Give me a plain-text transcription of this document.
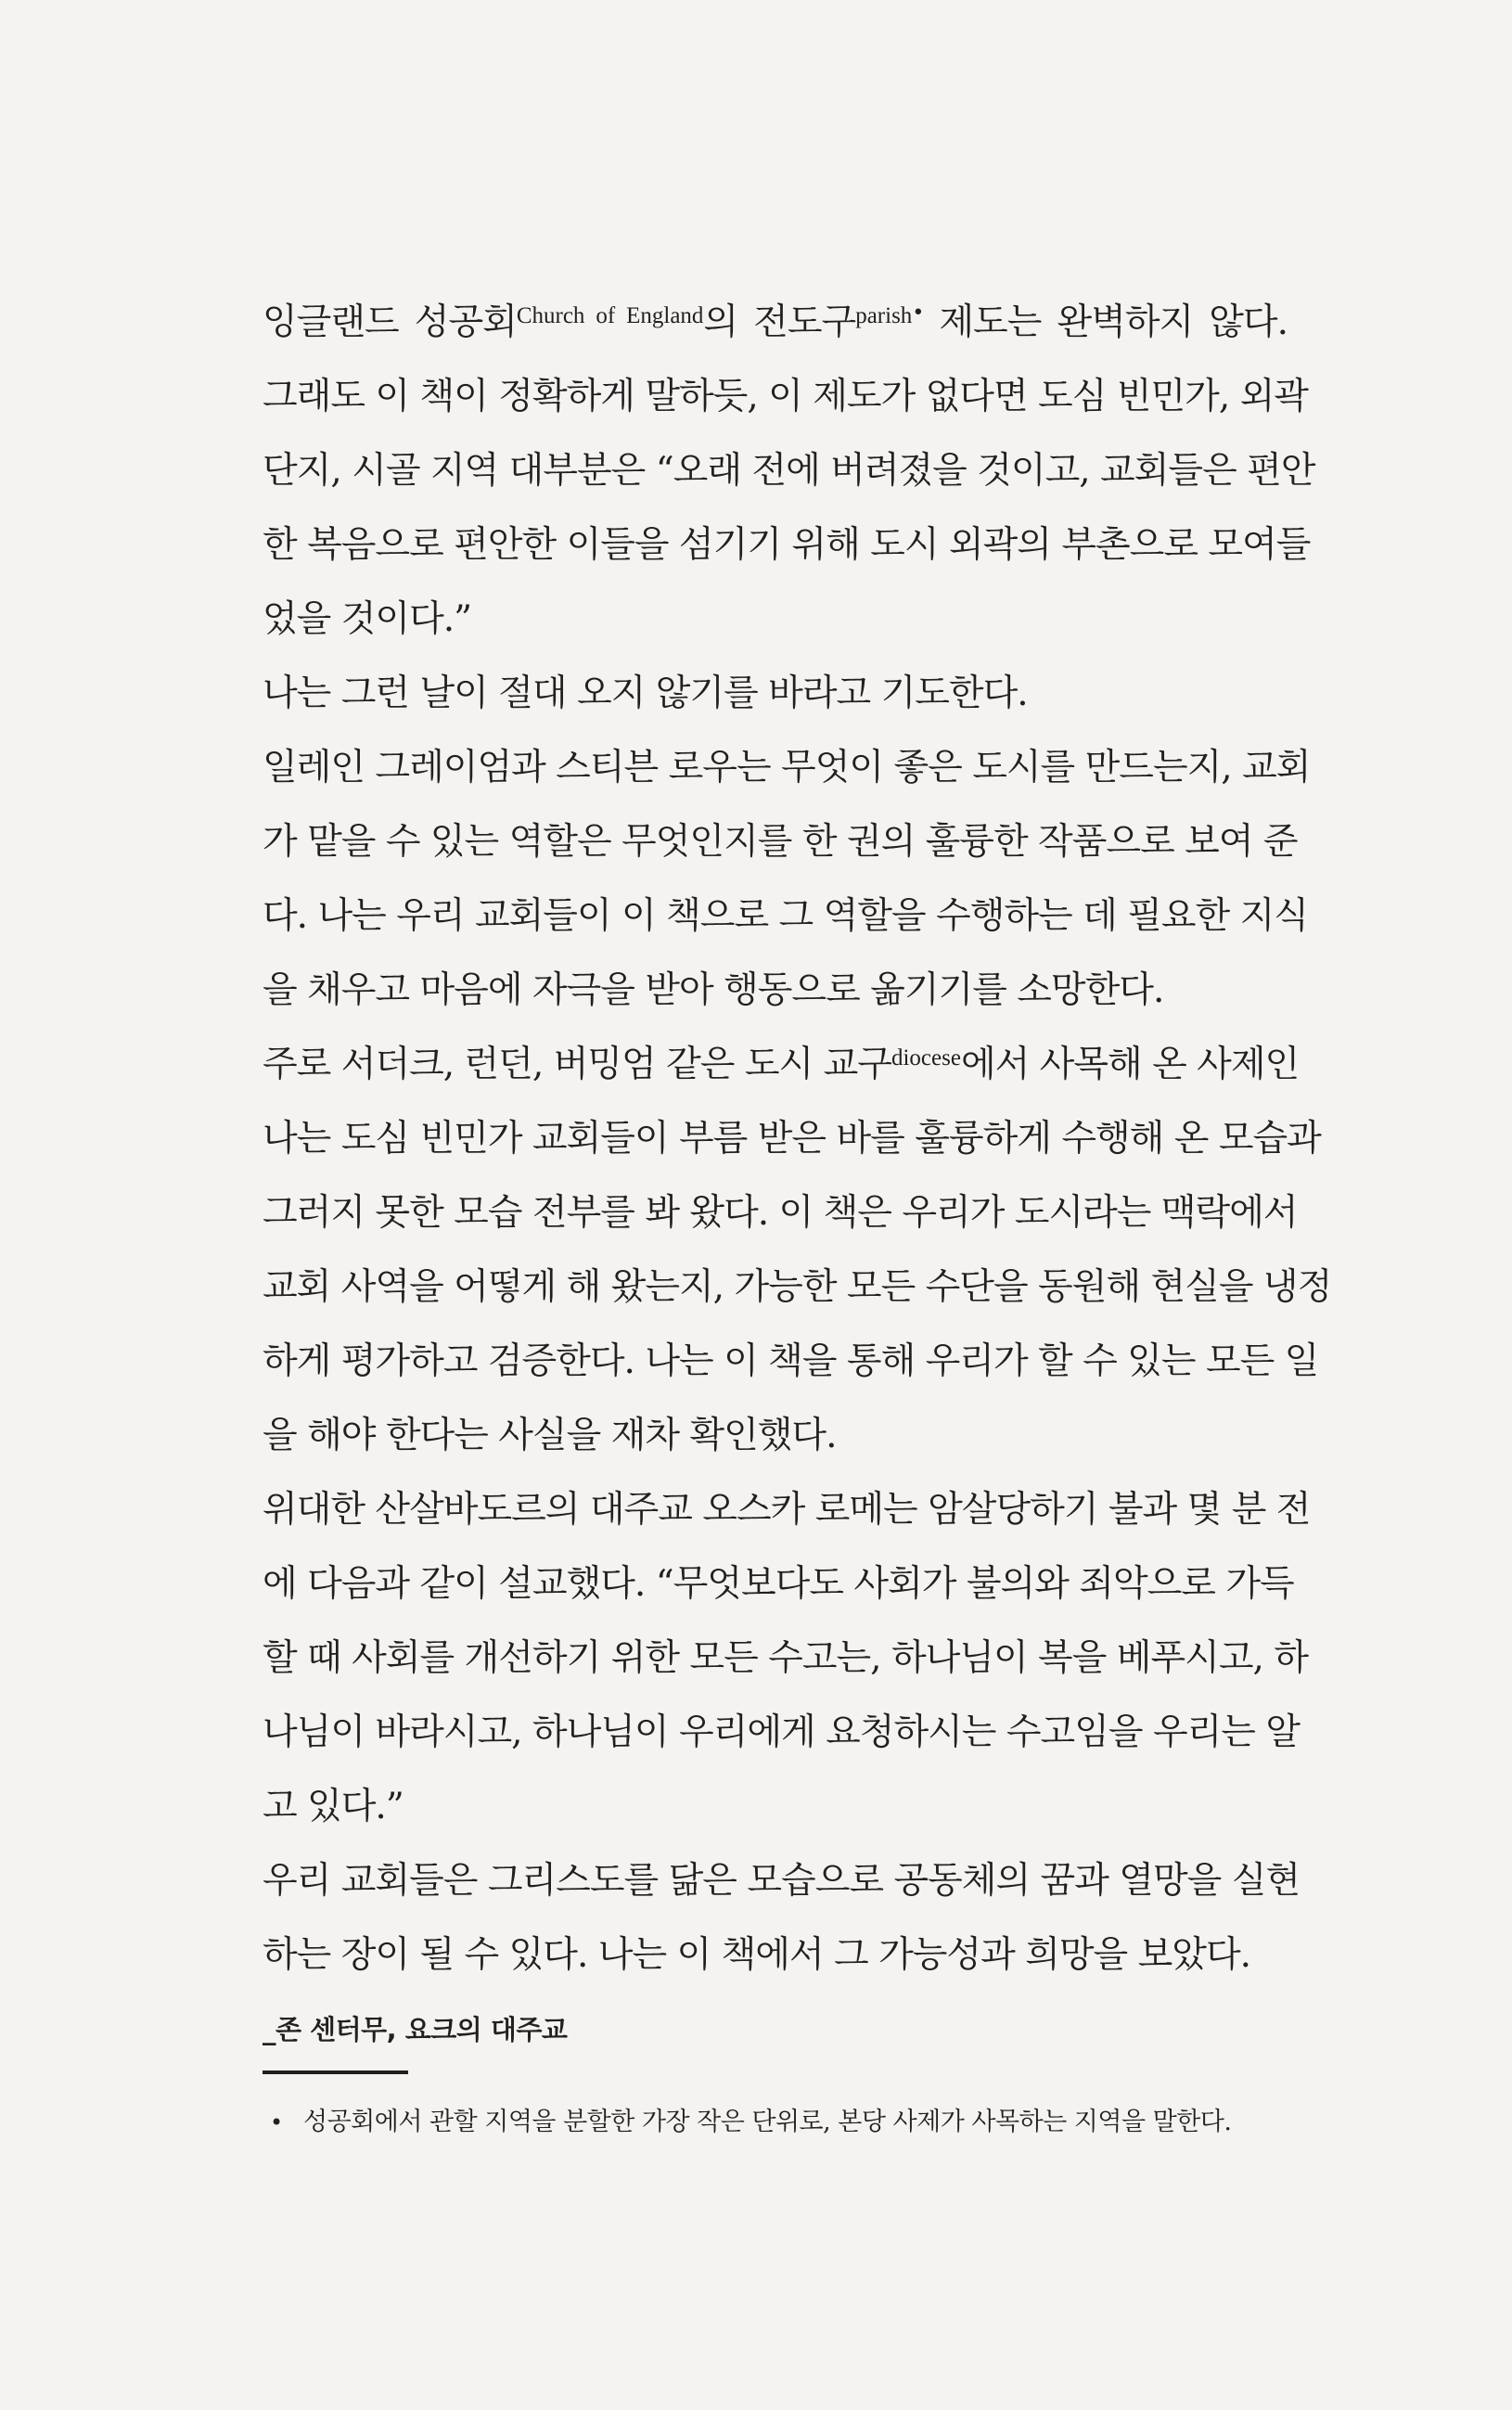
잉글랜드 성공회$^{Church of England}$의 전도구$^{parish•}$ 제도는 완벽하지 않다.
그래도 이 책이 정확하게 말하듯, 이 제도가 없다면 도심 빈민가, 외곽
단지, 시골 지역 대부분은 “오래 전에 버려졌을 것이고, 교회들은 편안
한 복음으로 편안한 이들을 섬기기 위해 도시 외곽의 부촌으로 모여들
었을 것이다.”
나는 그런 날이 절대 오지 않기를 바라고 기도한다.
일레인 그레이엄과 스티븐 로우는 무엇이 좋은 도시를 만드는지, 교회
가 맡을 수 있는 역할은 무엇인지를 한 권의 훌륭한 작품으로 보여 준
다. 나는 우리 교회들이 이 책으로 그 역할을 수행하는 데 필요한 지식
을 채우고 마음에 자극을 받아 행동으로 옮기기를 소망한다.
주로 서더크, 런던, 버밍엄 같은 도시 교구$^{diocese}$에서 사목해 온 사제인
나는 도심 빈민가 교회들이 부름 받은 바를 훌륭하게 수행해 온 모습과
그러지 못한 모습 전부를 봐 왔다. 이 책은 우리가 도시라는 맥락에서
교회 사역을 어떻게 해 왔는지, 가능한 모든 수단을 동원해 현실을 냉정
하게 평가하고 검증한다. 나는 이 책을 통해 우리가 할 수 있는 모든 일
을 해야 한다는 사실을 재차 확인했다.
위대한 산살바도르의 대주교 오스카 로메는 암살당하기 불과 몇 분 전
에 다음과 같이 설교했다. “무엇보다도 사회가 불의와 죄악으로 가득
할 때 사회를 개선하기 위한 모든 수고는, 하나님이 복을 베푸시고, 하
나님이 바라시고, 하나님이 우리에게 요청하시는 수고임을 우리는 알
고 있다.”
우리 교회들은 그리스도를 닮은 모습으로 공동체의 꿈과 열망을 실현
하는 장이 될 수 있다. 나는 이 책에서 그 가능성과 희망을 보았다.
_존 센터무, 요크의 대주교
• 성공회에서 관할 지역을 분할한 가장 작은 단위로, 본당 사제가 사목하는 지역을 말한다.
